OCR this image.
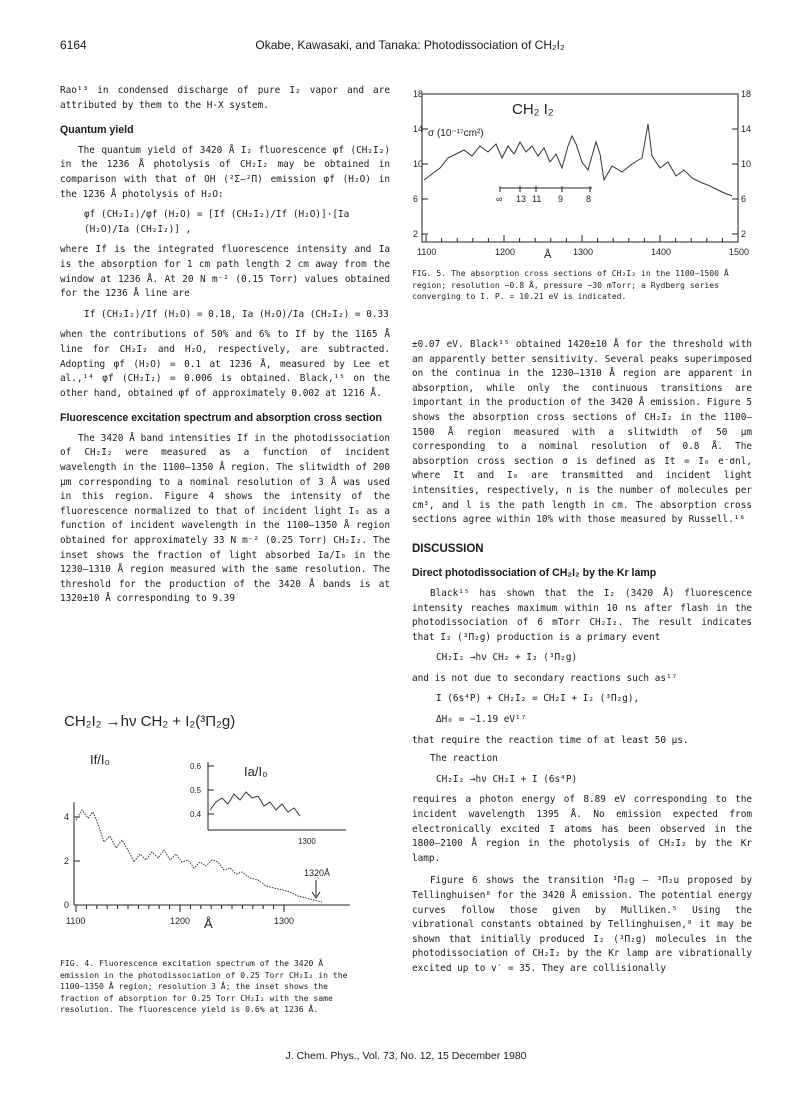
6164	Okabe, Kawasaki, and Tanaka: Photodissociation of CH₂I₂

Rao¹³ in condensed discharge of pure I₂ vapor and are attributed by them to the H-X system.

Quantum yield

The quantum yield of 3420 Å I₂ fluorescence φf (CH₂I₂) in the 1236 Å photolysis of CH₂I₂ may be obtained in comparison with that of OH (²Σ–²Π) emission φf (H₂O) in the 1236 Å photolysis of H₂O:

φf (CH₂I₂)/φf (H₂O) = [If (CH₂I₂)/If (H₂O)]·[Ia (H₂O)/Ia (CH₂I₂)] ,

where If is the integrated fluorescence intensity and Ia is the absorption for 1 cm path length 2 cm away from the window at 1236 Å. At 20 N m⁻² (0.15 Torr) values obtained for the 1236 Å line are

If (CH₂I₂)/If (H₂O) = 0.18, Ia (H₂O)/Ia (CH₂I₂) = 0.33

when the contributions of 50% and 6% to If by the 1165 Å line for CH₂I₂ and H₂O, respectively, are subtracted. Adopting φf (H₂O) = 0.1 at 1236 Å, measured by Lee et al.,¹⁴ φf (CH₂I₂) = 0.006 is obtained. Black,¹⁵ on the other hand, obtained φf of approximately 0.002 at 1216 Å.

Fluorescence excitation spectrum and absorption cross section

The 3420 Å band intensities If in the photodissociation of CH₂I₂ were measured as a function of incident wavelength in the 1100–1350 Å region. The slitwidth of 200 μm corresponding to a nominal resolution of 3 Å was used in this region. Figure 4 shows the intensity of the fluorescence normalized to that of incident light I₀ as a function of incident wavelength in the 1100–1350 Å region obtained for approximately 33 N m⁻² (0.25 Torr) CH₂I₂. The inset shows the fraction of light absorbed Ia/I₀ in the 1230–1310 Å region measured with the same resolution. The threshold for the production of the 3420 Å bands is at 1320±10 Å corresponding to 9.39

CH₂I₂ →hν CH₂ + I₂(³Π₂g)
1100	1200	1300
Å
0
2
4
If/I₀
0.4
0.5
0.6
1300
Ia/I₀
1320Å
FIG. 4. Fluorescence excitation spectrum of the 3420 Å emission in the photodissociation of 0.25 Torr CH₂I₂ in the 1100–1350 Å region; resolution 3 Å; the inset shows the fraction of absorption for 0.25 Torr CH₂I₂ with the same resolution. The fluorescence yield is 0.6% at 1236 Å.
2	2
6	6
10	10
14	14
18	18
1100	1200	1300	1400	1500
Å
CH₂ I₂
σ (10⁻¹⁷cm²)
∞ 13 11 9	8
FIG. 5. The absorption cross sections of CH₂I₂ in the 1100–1500 Å region; resolution ~0.8 Å, pressure ~30 mTorr; a Rydberg series converging to I. P. = 10.21 eV is indicated.

±0.07 eV. Black¹⁵ obtained 1420±10 Å for the threshold with an apparently better sensitivity. Several peaks superimposed on the continua in the 1230–1310 Å region are apparent in absorption, while only the continuous transitions are important in the production of the 3420 Å emission. Figure 5 shows the absorption cross sections of CH₂I₂ in the 1100–1500 Å region measured with a slitwidth of 50 μm corresponding to a nominal resolution of 0.8 Å. The absorption cross section σ is defined as It = I₀ e⁻σnl, where It and I₀ are transmitted and incident light intensities, respectively, n is the number of molecules per cm³, and l is the path length in cm. The absorption cross sections agree within 10% with those measured by Russell.¹⁶

DISCUSSION
Direct photodissociation of CH₂I₂ by the Kr lamp

Black¹⁵ has shown that the I₂ (3420 Å) fluorescence intensity reaches maximum within 10 ns after flash in the photodissociation of 6 mTorr CH₂I₂. The result indicates that I₂ (³Π₂g) production is a primary event

CH₂I₂ →hν CH₂ + I₂ (³Π₂g)

and is not due to secondary reactions such as¹⁷

I (6s⁴P) + CH₂I₂ = CH₂I + I₂ (³Π₂g),
ΔH₀ = −1.19 eV¹⁷

that require the reaction time of at least 50 μs.

The reaction

CH₂I₂ →hν CH₂I + I (6s⁴P)

requires a photon energy of 8.89 eV corresponding to the incident wavelength 1395 Å. No emission expected from electronically excited I atoms has been observed in the 1800–2100 Å region in the photolysis of CH₂I₂ by the Kr lamp.

Figure 6 shows the transition ³Π₂g – ³Π₂u proposed by Tellinghuisen⁸ for the 3420 Å emission. The potential energy curves follow those given by Mulliken.⁵ Using the vibrational constants obtained by Tellinghuisen,⁸ it may be shown that initially produced I₂ (³Π₂g) molecules in the photodissociation of CH₂I₂ by the Kr lamp are vibrationally excited up to v′ = 35. They are collisionally

J. Chem. Phys., Vol. 73, No. 12, 15 December 1980
